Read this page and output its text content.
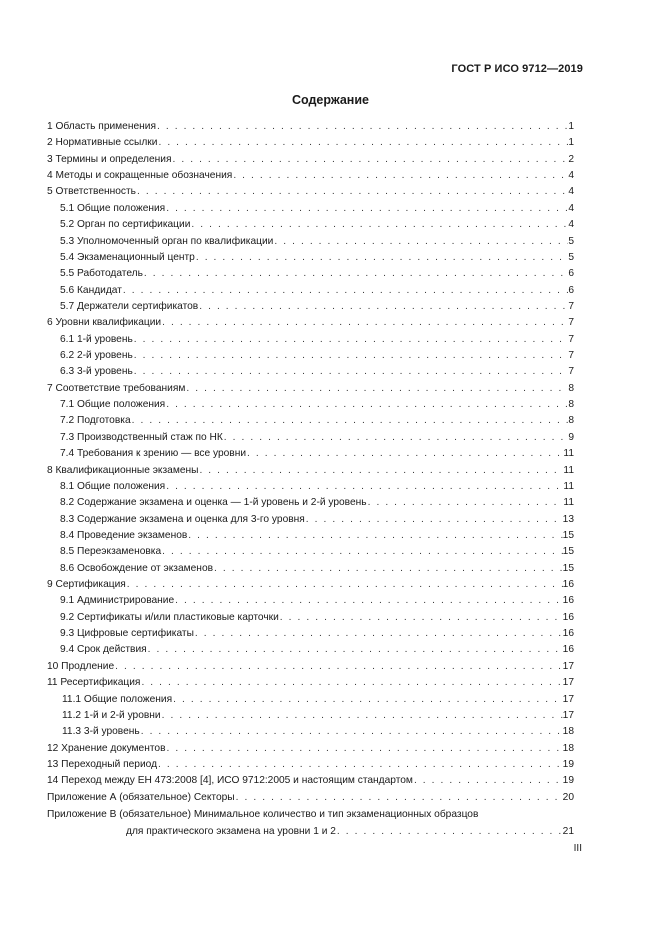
ГОСТ Р ИСО 9712—2019
Содержание
1 Область применения . . .	1
2 Нормативные ссылки . . .	1
3 Термины и определения . . .	2
4 Методы и сокращенные обозначения . . .	4
5 Ответственность . . .	4
5.1 Общие положения . . .	4
5.2 Орган по сертификации . . .	4
5.3 Уполномоченный орган по квалификации . . .	5
5.4 Экзаменационный центр . . .	5
5.5 Работодатель . . .	6
5.6 Кандидат . . .	6
5.7 Держатели сертификатов . . .	7
6 Уровни квалификации . . .	7
6.1 1-й уровень . . .	7
6.2 2-й уровень . . .	7
6.3 3-й уровень . . .	7
7 Соответствие требованиям . . .	8
7.1 Общие положения . . .	8
7.2 Подготовка . . .	8
7.3 Производственный стаж по НК . . .	9
7.4 Требования к зрению — все уровни . . .	11
8 Квалификационные экзамены . . .	11
8.1 Общие положения . . .	11
8.2 Содержание экзамена и оценка — 1-й уровень и 2-й уровень . . .	11
8.3 Содержание экзамена и оценка для 3-го уровня . . .	13
8.4 Проведение экзаменов . . .	15
8.5 Переэкзаменовка . . .	15
8.6 Освобождение от экзаменов . . .	15
9 Сертификация . . .	16
9.1 Администрирование . . .	16
9.2 Сертификаты и/или пластиковые карточки . . .	16
9.3 Цифровые сертификаты . . .	16
9.4 Срок действия . . .	16
10 Продление . . .	17
11 Ресертификация . . .	17
11.1 Общие положения . . .	17
11.2 1-й и 2-й уровни . . .	17
11.3 3-й уровень . . .	18
12 Хранение документов . . .	18
13 Переходный период . . .	19
14 Переход между ЕН 473:2008 [4], ИСО 9712:2005 и настоящим стандартом . . .	19
Приложение А (обязательное) Секторы . . .	20
Приложение В (обязательное) Минимальное количество и тип экзаменационных образцов
для практического экзамена на уровни 1 и 2 . . .	21
III
